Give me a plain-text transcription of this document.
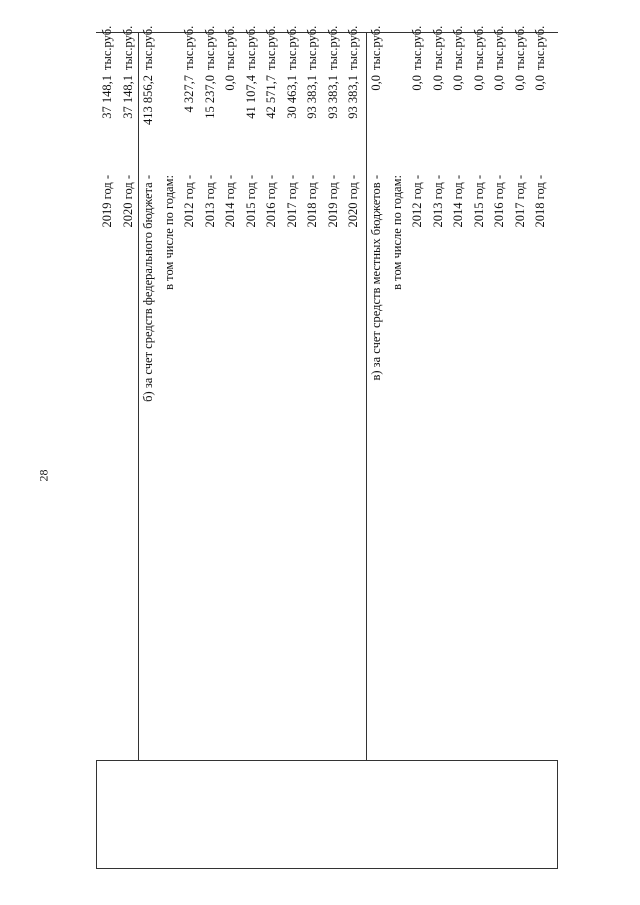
28
2019 год -
37 148,1
тыс.руб.
2020 год -
37 148,1
тыс.руб.
б) за счет средств федерального бюджета -
413 856,2
тыс.руб.
в том числе по годам: 2012 год -
4 327,7
тыс.руб.
2013 год -
15 237,0
тыс.руб.
2014 год -
0,0
тыс.руб.
2015 год -
41 107,4
тыс.руб.
2016 год -
42 571,7
тыс.руб.
2017 год -
30 463,1
тыс.руб.
2018 год -
93 383,1
тыс.руб.
2019 год -
93 383,1
тыс.руб.
2020 год -
93 383,1
тыс.руб.
в) за счет средств местных бюджетов -
0,0
тыс.руб.
в том числе по годам: 2012 год -
0,0
тыс.руб.
2013 год -
0,0
тыс.руб.
2014 год -
0,0
тыс.руб.
2015 год -
0,0
тыс.руб.
2016 год -
0,0
тыс.руб.
2017 год -
0,0
тыс.руб.
2018 год -
0,0
тыс.руб.
